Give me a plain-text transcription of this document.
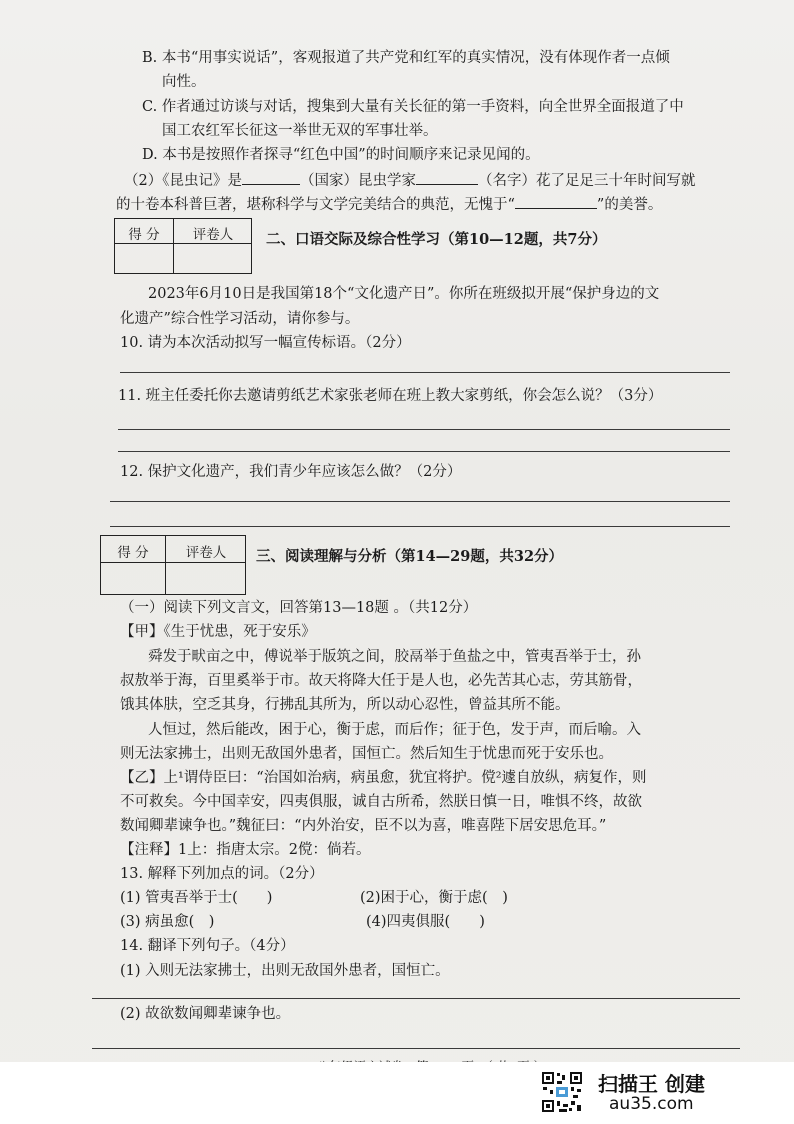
B. 本书“用事实说话”，客观报道了共产党和红军的真实情况，没有体现作者一点倾
向性。
C. 作者通过访谈与对话，搜集到大量有关长征的第一手资料，向全世界全面报道了中
国工农红军长征这一举世无双的军事壮举。
D. 本书是按照作者探寻“红色中国”的时间顺序来记录见闻的。
（2）《昆虫记》是	（国家）昆虫学家	（名字）花了足足三十年时间写就
的十卷本科普巨著，堪称科学与文学完美结合的典范，无愧于“	”的美誉。
得 分	评卷人	二、口语交际及综合性学习（第10—12题，共7分）
2023年6月10日是我国第18个“文化遗产日”。你所在班级拟开展“保护身边的文
化遗产”综合性学习活动，请你参与。
10. 请为本次活动拟写一幅宣传标语。（2分）
11. 班主任委托你去邀请剪纸艺术家张老师在班上教大家剪纸，你会怎么说？（3分）
12. 保护文化遗产，我们青少年应该怎么做？（2分）
得 分	评卷人	三、阅读理解与分析（第14—29题，共32分）
（一）阅读下列文言文，回答第13—18题 。（共12分）
【甲】《生于忧患，死于安乐》
舜发于畎亩之中，傅说举于版筑之间，胶鬲举于鱼盐之中，管夷吾举于士，孙
叔敖举于海，百里奚举于市。故天将降大任于是人也，必先苦其心志，劳其筋骨，
饿其体肤，空乏其身，行拂乱其所为，所以动心忍性，曾益其所不能。
人恒过，然后能改，困于心，衡于虑，而后作；征于色，发于声，而后喻。入
则无法家拂士，出则无敌国外患者，国恒亡。然后知生于忧患而死于安乐也。
【乙】上¹谓侍臣曰：“治国如治病，病虽愈，犹宜将护。傥²遽自放纵，病复作，则
不可救矣。今中国幸安，四夷俱服，诚自古所希，然朕日慎一日，唯惧不终，故欲
数闻卿辈谏争也。”魏征曰：“内外治安，臣不以为喜，唯喜陛下居安思危耳。”
【注释】1上：指唐太宗。2傥：倘若。
13. 解释下列加点的词。（2分）
(1) 管夷吾举于士(　　)	(2)困于心，衡于虑(　)
(3) 病虽愈(　)	(4)四夷俱服(　　)
14. 翻译下列句子。（4分）
(1) 入则无法家拂士，出则无敌国外患者，国恒亡。
(2) 故欲数闻卿辈谏争也。
扫描王 创建
au35.com
